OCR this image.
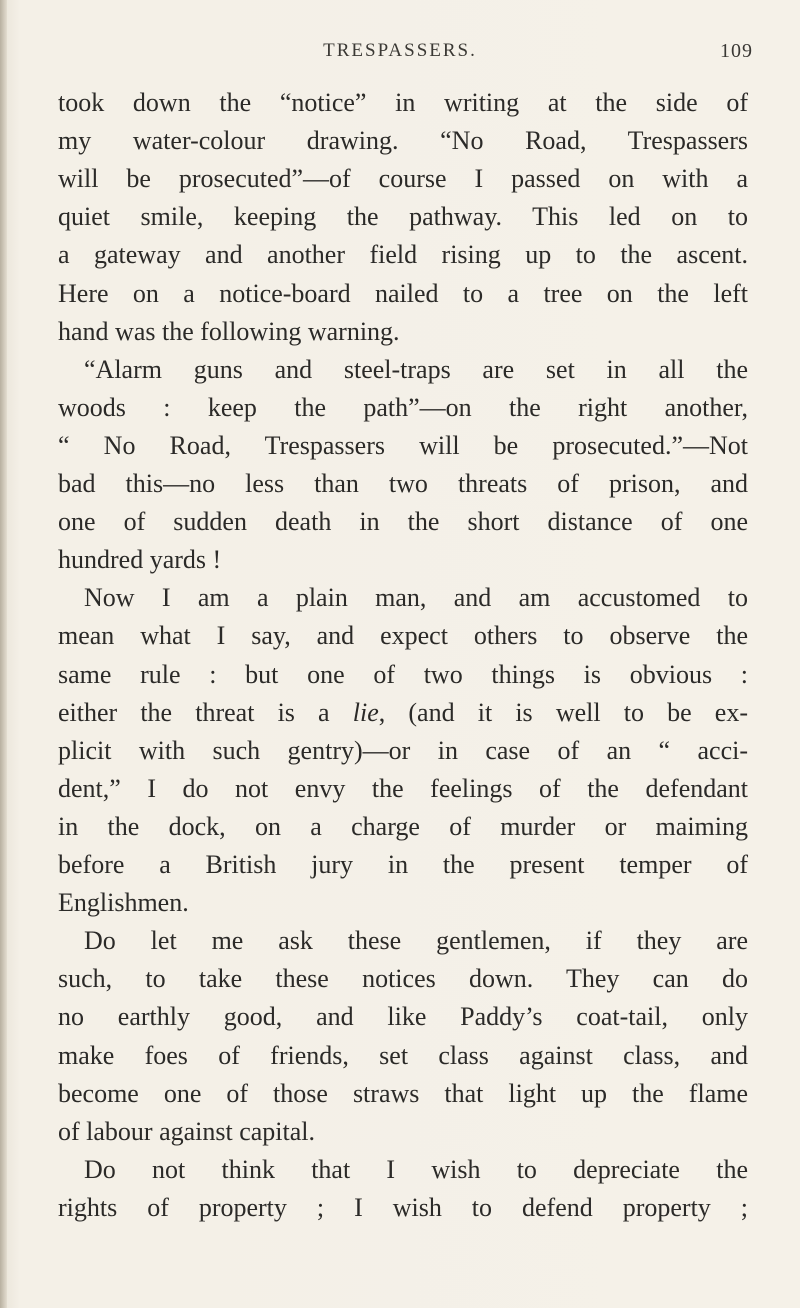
TRESPASSERS.	109
took down the “notice” in writing at the side of
my water-colour drawing. “No Road, Trespassers
will be prosecuted”—of course I passed on with a
quiet smile, keeping the pathway. This led on to
a gateway and another field rising up to the ascent.
Here on a notice-board nailed to a tree on the left
hand was the following warning.
“Alarm guns and steel-traps are set in all the
woods : keep the path”—on the right another,
“ No Road, Trespassers will be prosecuted.”—Not
bad this—no less than two threats of prison, and
one of sudden death in the short distance of one
hundred yards !
Now I am a plain man, and am accustomed to
mean what I say, and expect others to observe the
same rule : but one of two things is obvious :
either the threat is a lie, (and it is well to be ex-
plicit with such gentry)—or in case of an “ acci-
dent,” I do not envy the feelings of the defendant
in the dock, on a charge of murder or maiming
before a British jury in the present temper of
Englishmen.
Do let me ask these gentlemen, if they are
such, to take these notices down. They can do
no earthly good, and like Paddy’s coat-tail, only
make foes of friends, set class against class, and
become one of those straws that light up the flame
of labour against capital.
Do not think that I wish to depreciate the
rights of property ; I wish to defend property ;
